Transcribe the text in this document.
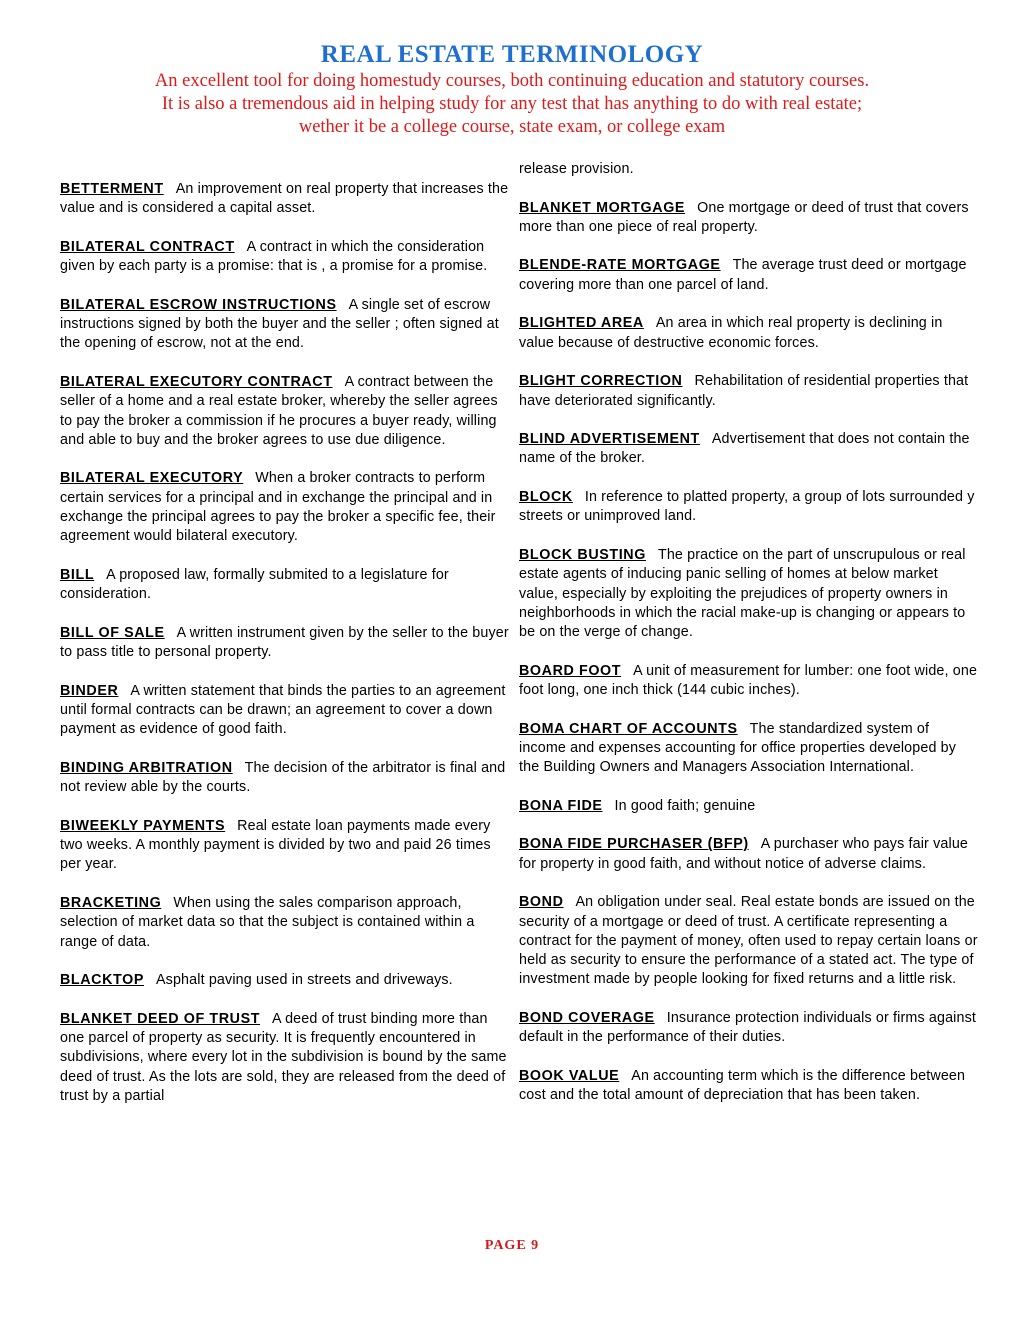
REAL ESTATE TERMINOLOGY
An excellent tool for doing homestudy courses, both continuing education and statutory courses.
It is also a tremendous aid in helping study for any test that has anything to do with real estate;
wether it be a college course, state exam, or college exam
BETTERMENT An improvement on real property that increases the value and is considered a capital asset.
BILATERAL CONTRACT A contract in which the consideration given by each party is a promise: that is , a promise for a promise.
BILATERAL ESCROW INSTRUCTIONS A single set of escrow instructions signed by both the buyer and the seller ; often signed at the opening of escrow, not at the end.
BILATERAL EXECUTORY CONTRACT A contract between the seller of a home and a real estate broker, whereby the seller agrees to pay the broker a commission if he procures a buyer ready, willing and able to buy and the broker agrees to use due diligence.
BILATERAL EXECUTORY When a broker contracts to perform certain services for a principal and in exchange the principal and in exchange the principal agrees to pay the broker a specific fee, their agreement would bilateral executory.
BILL A proposed law, formally submited to a legislature for consideration.
BILL OF SALE A written instrument given by the seller to the buyer to pass title to personal property.
BINDER A written statement that binds the parties to an agreement until formal contracts can be drawn; an agreement to cover a down payment as evidence of good faith.
BINDING ARBITRATION The decision of the arbitrator is final and not review able by the courts.
BIWEEKLY PAYMENTS Real estate loan payments made every two weeks. A monthly payment is divided by two and paid 26 times per year.
BRACKETING When using the sales comparison approach, selection of market data so that the subject is contained within a range of data.
BLACKTOP Asphalt paving used in streets and driveways.
BLANKET DEED OF TRUST A deed of trust binding more than one parcel of property as security. It is frequently encountered in subdivisions, where every lot in the subdivision is bound by the same deed of trust. As the lots are sold, they are released from the deed of trust by a partial
release provision.
BLANKET MORTGAGE One mortgage or deed of trust that covers more than one piece of real property.
BLENDE-RATE MORTGAGE The average trust deed or mortgage covering more than one parcel of land.
BLIGHTED AREA An area in which real property is declining in value because of destructive economic forces.
BLIGHT CORRECTION Rehabilitation of residential properties that have deteriorated significantly.
BLIND ADVERTISEMENT Advertisement that does not contain the name of the broker.
BLOCK In reference to platted property, a group of lots surrounded y streets or unimproved land.
BLOCK BUSTING The practice on the part of unscrupulous or real estate agents of inducing panic selling of homes at below market value, especially by exploiting the prejudices of property owners in neighborhoods in which the racial make-up is changing or appears to be on the verge of change.
BOARD FOOT A unit of measurement for lumber: one foot wide, one foot long, one inch thick (144 cubic inches).
BOMA CHART OF ACCOUNTS The standardized system of income and expenses accounting for office properties developed by the Building Owners and Managers Association International.
BONA FIDE In good faith; genuine
BONA FIDE PURCHASER (BFP) A purchaser who pays fair value for property in good faith, and without notice of adverse claims.
BOND An obligation under seal. Real estate bonds are issued on the security of a mortgage or deed of trust. A certificate representing a contract for the payment of money, often used to repay certain loans or held as security to ensure the performance of a stated act. The type of investment made by people looking for fixed returns and a little risk.
BOND COVERAGE Insurance protection individuals or firms against default in the performance of their duties.
BOOK VALUE An accounting term which is the difference between cost and the total amount of depreciation that has been taken.
PAGE 9
